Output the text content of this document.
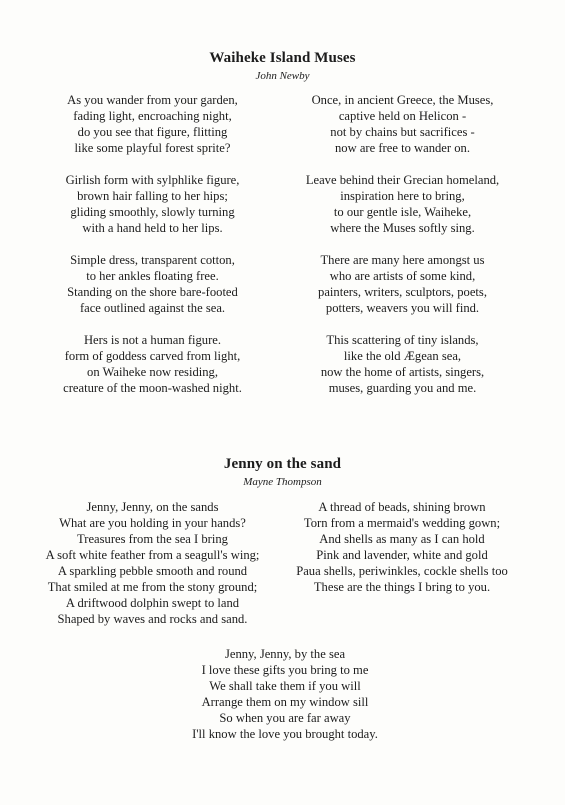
Waiheke Island Muses
John Newby
As you wander from your garden,
fading light, encroaching night,
do you see that figure, flitting
like some playful forest sprite?
Girlish form with sylphlike figure,
brown hair falling to her hips;
gliding smoothly, slowly turning
with a hand held to her lips.
Simple dress, transparent cotton,
to her ankles floating free.
Standing on the shore bare-footed
face outlined against the sea.
Hers is not a human figure.
form of goddess carved from light,
on Waiheke now residing,
creature of the moon-washed night.
Once, in ancient Greece, the Muses,
captive held on Helicon -
not by chains but sacrifices -
now are free to wander on.
Leave behind their Grecian homeland,
inspiration here to bring,
to our gentle isle, Waiheke,
where the Muses softly sing.
There are many here amongst us
who are artists of some kind,
painters, writers, sculptors, poets,
potters, weavers you will find.
This scattering of tiny islands,
like the old Ægean sea,
now the home of artists, singers,
muses, guarding you and me.
Jenny on the sand
Mayne Thompson
Jenny, Jenny, on the sands
What are you holding in your hands?
Treasures from the sea I bring
A soft white feather from a seagull's wing;
A sparkling pebble smooth and round
That smiled at me from the stony ground;
A driftwood dolphin swept to land
Shaped by waves and rocks and sand.
A thread of beads, shining brown
Torn from a mermaid's wedding gown;
And shells as many as I can hold
Pink and lavender, white and gold
Paua shells, periwinkles, cockle shells too
These are the things I bring to you.
Jenny, Jenny, by the sea
I love these gifts you bring to me
We shall take them if you will
Arrange them on my window sill
So when you are far away
I'll know the love you brought today.
